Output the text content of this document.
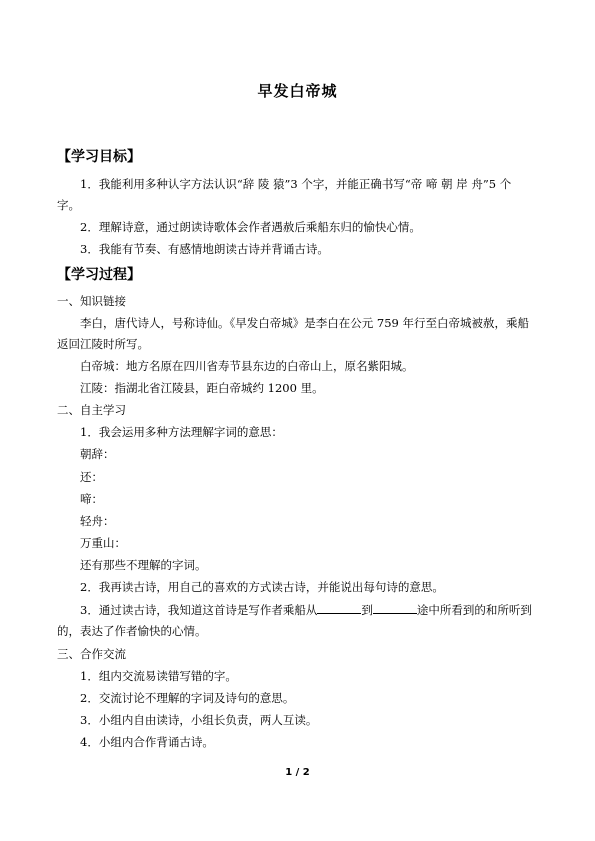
早发白帝城
【学习目标】
1．我能利用多种认字方法认识“辞 陵 猿”3 个字，并能正确书写“帝 啼 朝 岸 舟”5 个
字。
2．理解诗意，通过朗读诗歌体会作者遇赦后乘船东归的愉快心情。
3．我能有节奏、有感情地朗读古诗并背诵古诗。
【学习过程】
一、知识链接
李白，唐代诗人，号称诗仙。《早发白帝城》是李白在公元 759 年行至白帝城被赦，乘船
返回江陵时所写。
白帝城：地方名原在四川省寿节县东边的白帝山上，原名紫阳城。
江陵：指湖北省江陵县，距白帝城约 1200 里。
二、自主学习
1．我会运用多种方法理解字词的意思：
朝辞：
还：
啼：
轻舟：
万重山：
还有那些不理解的字词。
2．我再读古诗，用自己的喜欢的方式读古诗，并能说出每句诗的意思。
3．通过读古诗，我知道这首诗是写作者乘船从	到	途中所看到的和所听到
的，表达了作者愉快的心情。
三、合作交流
1．组内交流易读错写错的字。
2．交流讨论不理解的字词及诗句的意思。
3．小组内自由读诗，小组长负责，两人互读。
4．小组内合作背诵古诗。
1 / 2
